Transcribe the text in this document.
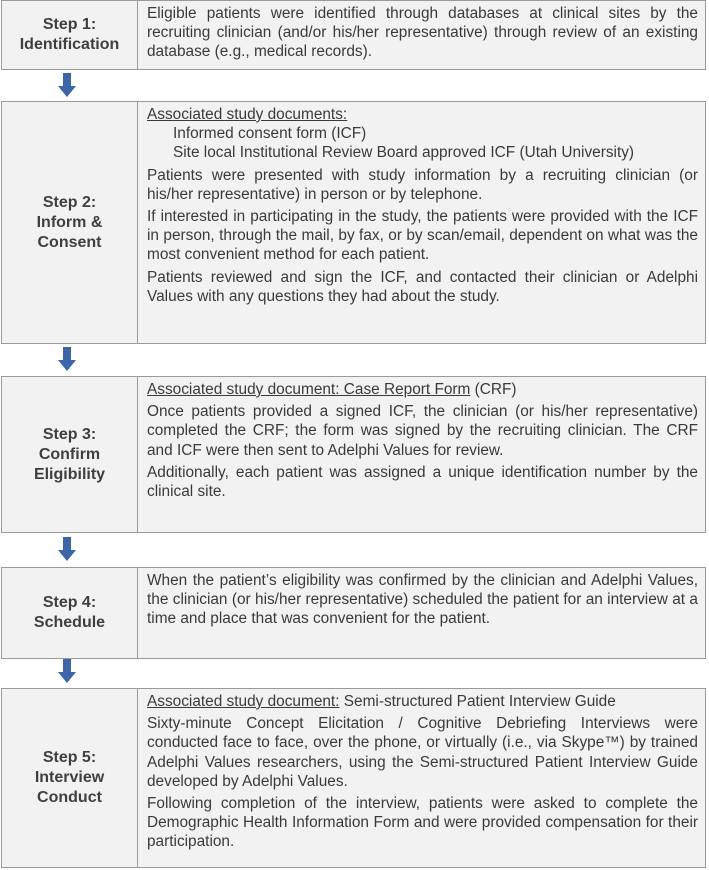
Step 1:
Identification

Eligible patients were identified through databases at clinical sites by the recruiting clinician (and/or his/her representative) through review of an existing database (e.g., medical records).

Step 2:
Inform &
Consent

Associated study documents:

Informed consent form (ICF)

Site local Institutional Review Board approved ICF (Utah University)

Patients were presented with study information by a recruiting clinician (or his/her representative) in person or by telephone.

If interested in participating in the study, the patients were provided with the ICF in person, through the mail, by fax, or by scan/email, dependent on what was the most convenient method for each patient.

Patients reviewed and sign the ICF, and contacted their clinician or Adelphi Values with any questions they had about the study.

Step 3:
Confirm
Eligibility

Associated study document: Case Report Form (CRF)

Once patients provided a signed ICF, the clinician (or his/her representative) completed the CRF; the form was signed by the recruiting clinician. The CRF and ICF were then sent to Adelphi Values for review.

Additionally, each patient was assigned a unique identification number by the clinical site.

Step 4:
Schedule

When the patient’s eligibility was confirmed by the clinician and Adelphi Values, the clinician (or his/her representative) scheduled the patient for an interview at a time and place that was convenient for the patient.

Step 5:
Interview
Conduct

Associated study document: Semi-structured Patient Interview Guide

Sixty-minute Concept Elicitation / Cognitive Debriefing Interviews were conducted face to face, over the phone, or virtually (i.e., via Skype™) by trained Adelphi Values researchers, using the Semi-structured Patient Interview Guide developed by Adelphi Values.

Following completion of the interview, patients were asked to complete the Demographic Health Information Form and were provided compensation for their participation.
